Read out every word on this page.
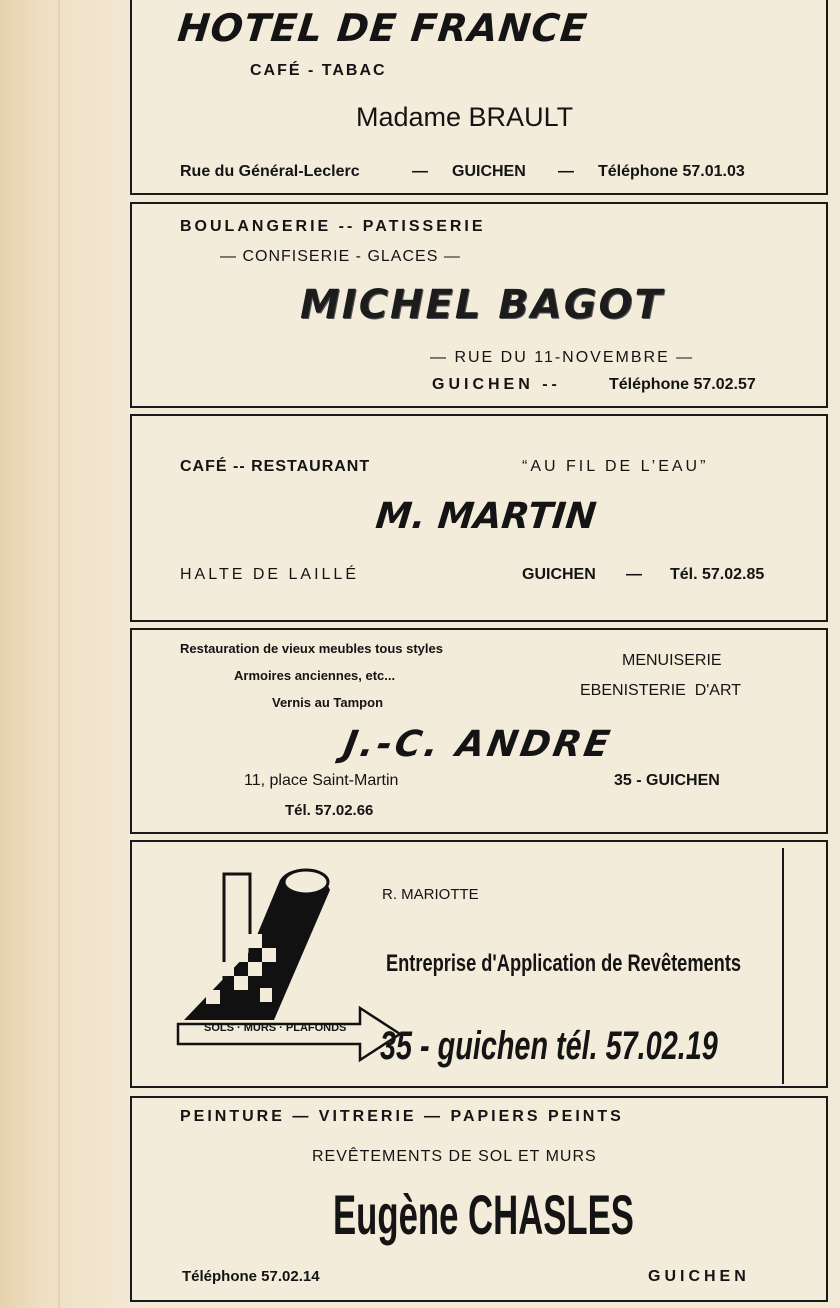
HOTEL DE FRANCE
CAFÉ - TABAC
Madame BRAULT
Rue du Général-Leclerc	— GUICHEN — Téléphone 57.01.03
BOULANGERIE -- PATISSERIE
— CONFISERIE - GLACES —
MICHEL BAGOT
— RUE DU 11-NOVEMBRE —
GUICHEN --	Téléphone 57.02.57
CAFÉ -- RESTAURANT	“AU FIL DE L’EAU”
M. MARTIN
HALTE DE LAILLÉ	GUICHEN — Tél. 57.02.85
Restauration de vieux meubles tous styles
Armoires anciennes, etc...
Vernis au Tampon
MENUISERIE
EBENISTERIE  D'ART
J.-C. ANDRE
11, place Saint-Martin	35 - GUICHEN
Tél. 57.02.66
SOLS · MURS · PLAFONDS
R. MARIOTTE
Entreprise d'Application de Revêtements
35 - guichen tél. 57.02.19
PEINTURE — VITRERIE — PAPIERS PEINTS
REVÊTEMENTS DE SOL ET MURS
Eugène CHASLES
Téléphone 57.02.14	GUICHEN
